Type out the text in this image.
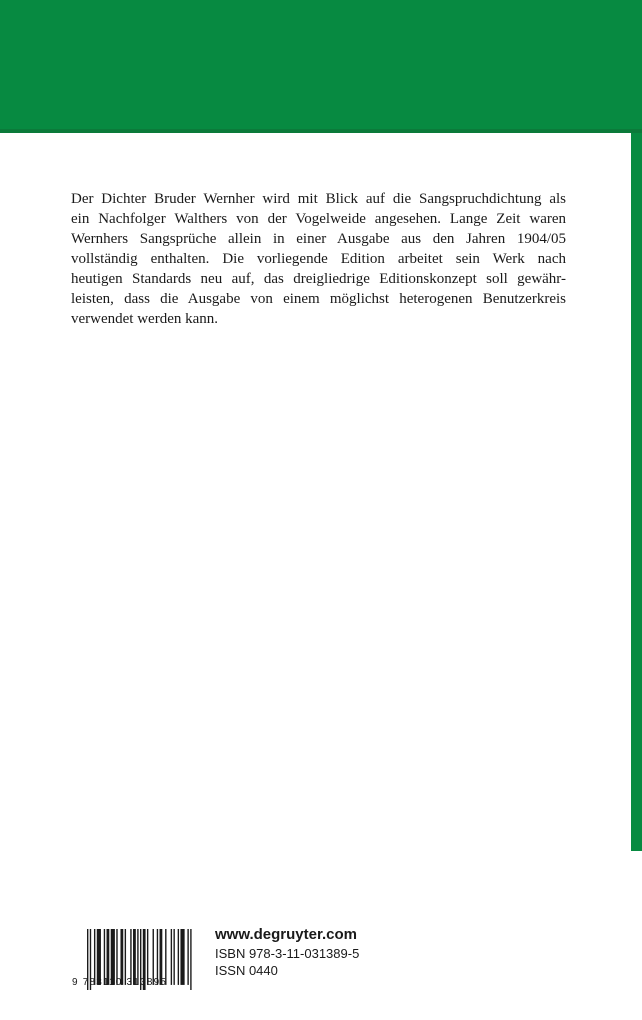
Der Dichter Bruder Wernher wird mit Blick auf die Sangspruchdichtung als
ein Nachfolger Walthers von der Vogelweide angesehen. Lange Zeit waren
Wernhers Sangsprüche allein in einer Ausgabe aus den Jahren 1904/05
vollständig enthalten. Die vorliegende Edition arbeitet sein Werk nach
heutigen Standards neu auf, das dreigliedrige Editionskonzept soll gewähr-
leisten, dass die Ausgabe von einem möglichst heterogenen Benutzerkreis
verwendet werden kann.
9 783110 313895
www.degruyter.com
ISBN 978-3-11-031389-5
ISSN 0440
